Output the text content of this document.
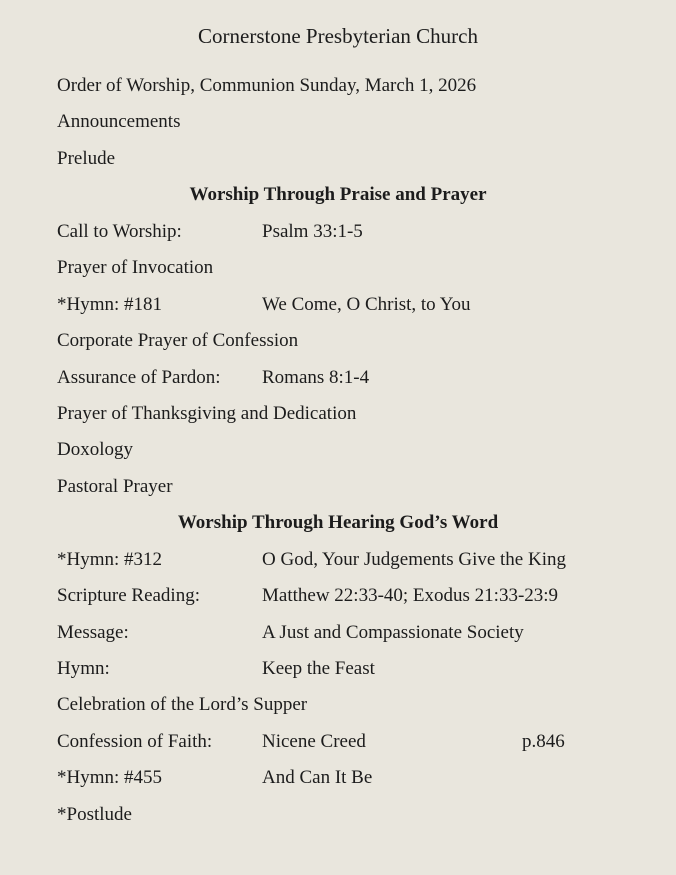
Cornerstone Presbyterian Church
Order of Worship, Communion Sunday, March 1, 2026
Announcements
Prelude
Worship Through Praise and Prayer
Call to Worship:	Psalm 33:1-5
Prayer of Invocation
*Hymn: #181	We Come, O Christ, to You
Corporate Prayer of Confession
Assurance of Pardon:	Romans 8:1-4
Prayer of Thanksgiving and Dedication
Doxology
Pastoral Prayer
Worship Through Hearing God’s Word
*Hymn: #312	O God, Your Judgements Give the King
Scripture Reading:	Matthew 22:33-40; Exodus 21:33-23:9
Message:	A Just and Compassionate Society
Hymn:	Keep the Feast
Celebration of the Lord’s Supper
Confession of Faith:	Nicene Creed	p.846
*Hymn: #455	And Can It Be
*Postlude
